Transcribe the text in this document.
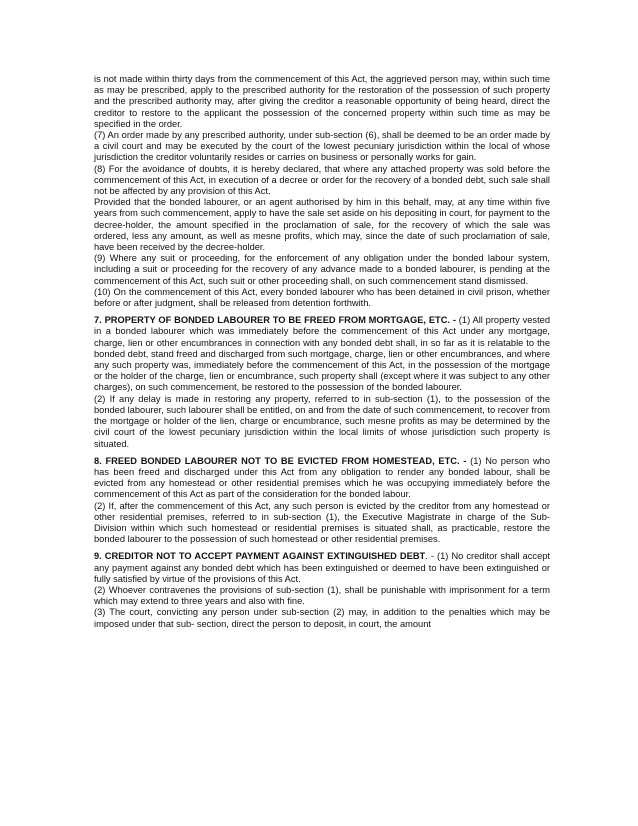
is not made within thirty days from the commencement of this Act, the aggrieved person may, within such time as may be prescribed, apply to the prescribed authority for the restoration of the possession of such property and the prescribed authority may, after giving the creditor a reasonable opportunity of being heard, direct the creditor to restore to the applicant the possession of the concerned property within such time as may be specified in the order.

(7) An order made by any prescribed authority, under sub-section (6), shall be deemed to be an order made by a civil court and may be executed by the court of the lowest pecuniary jurisdiction within the local of whose jurisdiction the creditor voluntarily resides or carries on business or personally works for gain.

(8) For the avoidance of doubts, it is hereby declared, that where any attached property was sold before the commencement of this Act, in execution of a decree or order for the recovery of a bonded debt, such sale shall not be affected by any provision of this Act.

Provided that the bonded labourer, or an agent authorised by him in this behalf, may, at any time within five years from such commencement, apply to have the sale set aside on his depositing in court, for payment to the decree-holder, the amount specified in the proclamation of sale, for the recovery of which the sale was ordered, less any amount, as well as mesne profits, which may, since the date of such proclamation of sale, have been received by the decree-holder.

(9) Where any suit or proceeding, for the enforcement of any obligation under the bonded labour system, including a suit or proceeding for the recovery of any advance made to a bonded labourer, is pending at the commencement of this Act, such suit or other proceeding shall, on such commencement stand dismissed.

(10) On the commencement of this Act, every bonded labourer who has been detained in civil prison, whether before or after judgment, shall be released from detention forthwith.

7. PROPERTY OF BONDED LABOURER TO BE FREED FROM MORTGAGE, ETC. - (1) All property vested in a bonded labourer which was immediately before the commencement of this Act under any mortgage, charge, lien or other encumbrances in connection with any bonded debt shall, in so far as it is relatable to the bonded debt, stand freed and discharged from such mortgage, charge, lien or other encumbrances, and where any such property was, immediately before the commencement of this Act, in the possession of the mortgage or the holder of the charge, lien or encumbrance, such property shall (except where it was subject to any other charges), on such commencement, be restored to the possession of the bonded labourer.

(2) If any delay is made in restoring any property, referred to in sub-section (1), to the possession of the bonded labourer, such labourer shall be entitled, on and from the date of such commencement, to recover from the mortgage or holder of the lien, charge or encumbrance, such mesne profits as may be determined by the civil court of the lowest pecuniary jurisdiction within the local limits of whose jurisdiction such property is situated.

8. FREED BONDED LABOURER NOT TO BE EVICTED FROM HOMESTEAD, ETC. - (1) No person who has been freed and discharged under this Act from any obligation to render any bonded labour, shall be evicted from any homestead or other residential premises which he was occupying immediately before the commencement of this Act as part of the consideration for the bonded labour.

(2) If, after the commencement of this Act, any such person is evicted by the creditor from any homestead or other residential premises, referred to in sub-section (1), the Executive Magistrate in charge of the Sub-Division within which such homestead or residential premises is situated shall, as practicable, restore the bonded labourer to the possession of such homestead or other residential premises.

9. CREDITOR NOT TO ACCEPT PAYMENT AGAINST EXTINGUISHED DEBT. - (1) No creditor shall accept any payment against any bonded debt which has been extinguished or deemed to have been extinguished or fully satisfied by virtue of the provisions of this Act.

(2) Whoever contravenes the provisions of sub-section (1), shall be punishable with imprisonment for a term which may extend to three years and also with fine.

(3) The court, convicting any person under sub-section (2) may, in addition to the penalties which may be imposed under that sub- section, direct the person to deposit, in court, the amount
